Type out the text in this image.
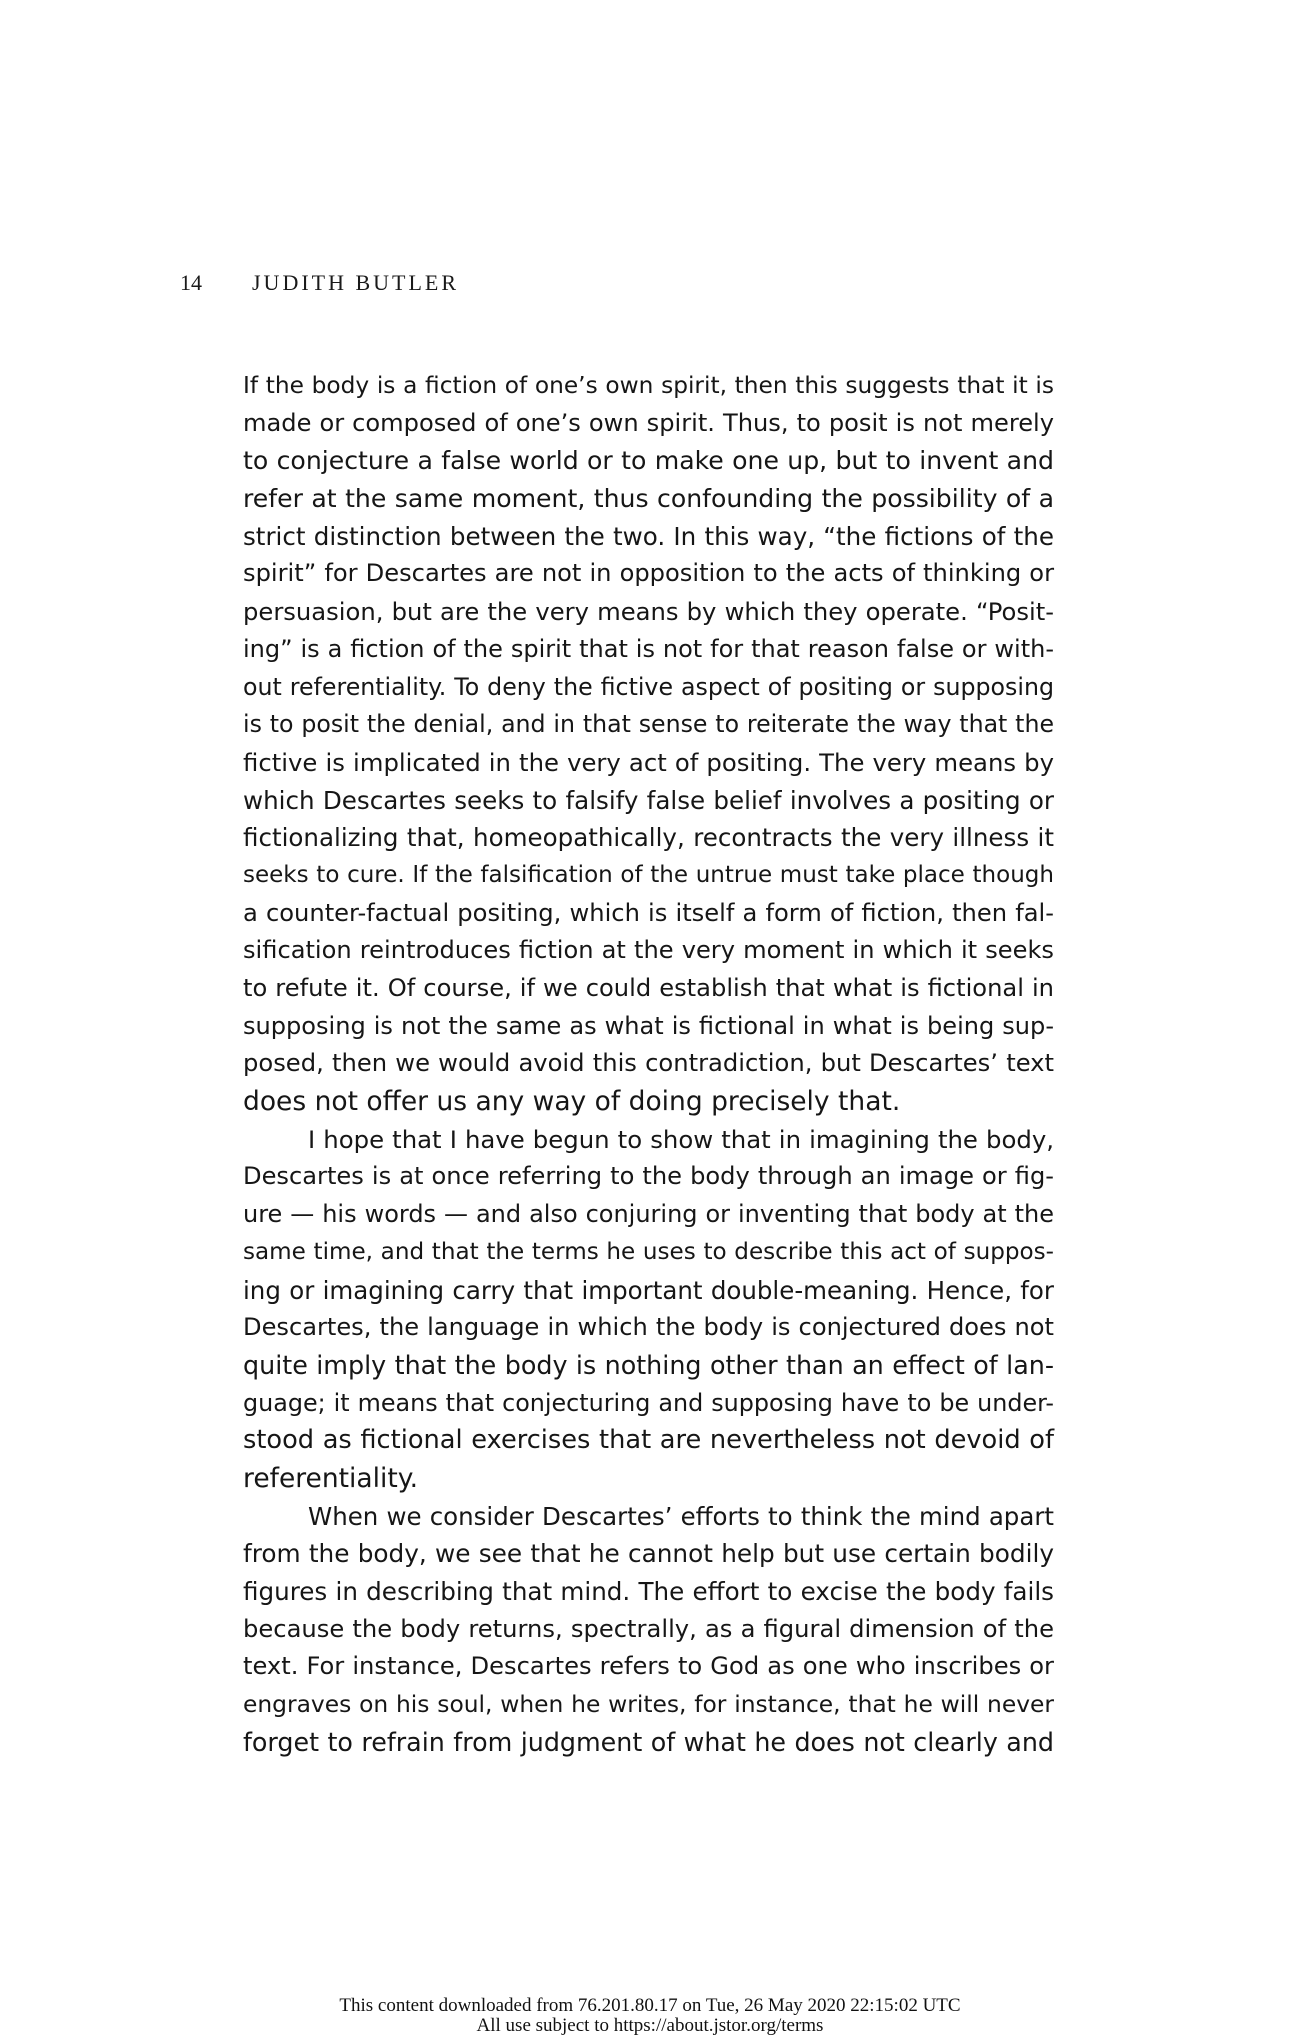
14 JUDITH BUTLER

If the body is a fiction of one’s own spirit, then this suggests that it is
made or composed of one’s own spirit. Thus, to posit is not merely
to conjecture a false world or to make one up, but to invent and
refer at the same moment, thus confounding the possibility of a
strict distinction between the two. In this way, “the fictions of the
spirit” for Descartes are not in opposition to the acts of thinking or
persuasion, but are the very means by which they operate. “Posit-
ing” is a fiction of the spirit that is not for that reason false or with-
out referentiality. To deny the fictive aspect of positing or supposing
is to posit the denial, and in that sense to reiterate the way that the
fictive is implicated in the very act of positing. The very means by
which Descartes seeks to falsify false belief involves a positing or
fictionalizing that, homeopathically, recontracts the very illness it
seeks to cure. If the falsification of the untrue must take place though
a counter-factual positing, which is itself a form of fiction, then fal-
sification reintroduces fiction at the very moment in which it seeks
to refute it. Of course, if we could establish that what is fictional in
supposing is not the same as what is fictional in what is being sup-
posed, then we would avoid this contradiction, but Descartes’ text
does not offer us any way of doing precisely that.

I hope that I have begun to show that in imagining the body,
Descartes is at once referring to the body through an image or fig-
ure — his words — and also conjuring or inventing that body at the
same time, and that the terms he uses to describe this act of suppos-
ing or imagining carry that important double-meaning. Hence, for
Descartes, the language in which the body is conjectured does not
quite imply that the body is nothing other than an effect of lan-
guage; it means that conjecturing and supposing have to be under-
stood as fictional exercises that are nevertheless not devoid of
referentiality.

When we consider Descartes’ efforts to think the mind apart
from the body, we see that he cannot help but use certain bodily
figures in describing that mind. The effort to excise the body fails
because the body returns, spectrally, as a figural dimension of the
text. For instance, Descartes refers to God as one who inscribes or
engraves on his soul, when he writes, for instance, that he will never
forget to refrain from judgment of what he does not clearly and

This content downloaded from 76.201.80.17 on Tue, 26 May 2020 22:15:02 UTC
All use subject to https://about.jstor.org/terms
